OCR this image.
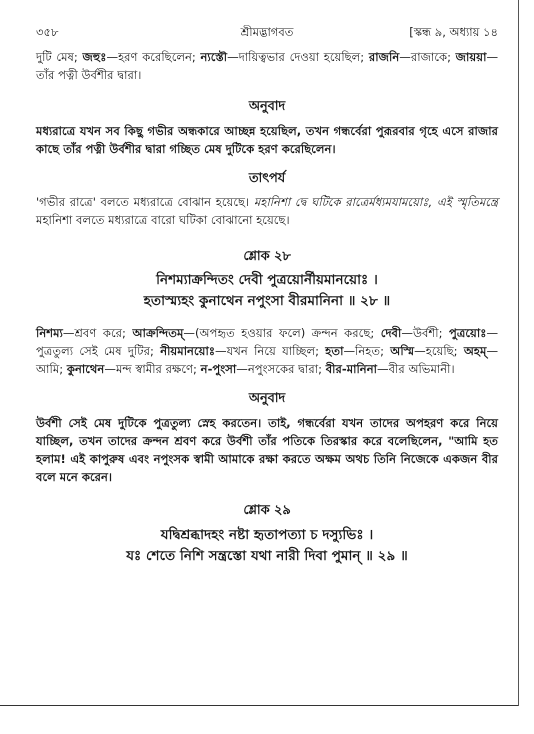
৩৫৮	শ্রীমদ্ভাগবত	[স্কন্ধ ৯, অধ্যায় ১৪

দুটি মেষ; জহুঃ—হরণ করেছিলেন; ন্যস্তৌ—দায়িত্বভার দেওয়া হয়েছিল; রাজনি—রাজাকে; জায়য়া—তাঁর পত্নী উর্বশীর দ্বারা।

অনুবাদ

মধ্যরাত্রে যখন সব কিছু গভীর অন্ধকারে আচ্ছন্ন হয়েছিল, তখন গন্ধর্বেরা পুরূরবার গৃহে এসে রাজার কাছে তাঁর পত্নী উর্বশীর দ্বারা গচ্ছিত মেষ দুটিকে হরণ করেছিলেন।

তাৎপর্য

'গভীর রাত্রে' বলতে মধ্যরাত্রে বোঝান হয়েছে। মহানিশা দ্বে ঘটিকে রাত্রের্মধ্যমযাময়োঃ, এই স্মৃতিমন্ত্রে মহানিশা বলতে মধ্যরাত্রে বারো ঘটিকা বোঝানো হয়েছে।

শ্লোক ২৮
নিশম্যাক্রন্দিতং দেবী পুত্রয়োর্নীয়মানয়োঃ ।
হতাস্ম্যহং কুনাথেন নপুংসা বীরমানিনা ॥ ২৮ ॥

নিশম্য—শ্রবণ করে; আক্রন্দিতম্—(অপহৃত হওয়ার ফলে) ক্রন্দন করছে; দেবী—উর্বশী; পুত্রয়োঃ—পুত্রতুল্য সেই মেষ দুটির; নীয়মানয়োঃ—যখন নিয়ে যাচ্ছিল; হতা—নিহত; অস্মি—হয়েছি; অহম্—আমি; কুনাথেন—মন্দ স্বামীর রক্ষণে; ন-পুংসা—নপুংসকের দ্বারা; বীর-মানিনা—বীর অভিমানী।

অনুবাদ

উর্বশী সেই মেষ দুটিকে পুত্রতুল্য স্নেহ করতেন। তাই, গন্ধর্বেরা যখন তাদের অপহরণ করে নিয়ে যাচ্ছিল, তখন তাদের ক্রন্দন শ্রবণ করে উর্বশী তাঁর পতিকে তিরস্কার করে বলেছিলেন, "আমি হত হলাম! এই কাপুরুষ এবং নপুংসক স্বামী আমাকে রক্ষা করতে অক্ষম অথচ তিনি নিজেকে একজন বীর বলে মনে করেন।

শ্লোক ২৯
যদ্বিশ্রব্ধাদহং নষ্টা হৃতাপত্যা চ দস্যুভিঃ ।
যঃ শেতে নিশি সন্ত্রস্তো যথা নারী দিবা পুমান্ ॥ ২৯ ॥
